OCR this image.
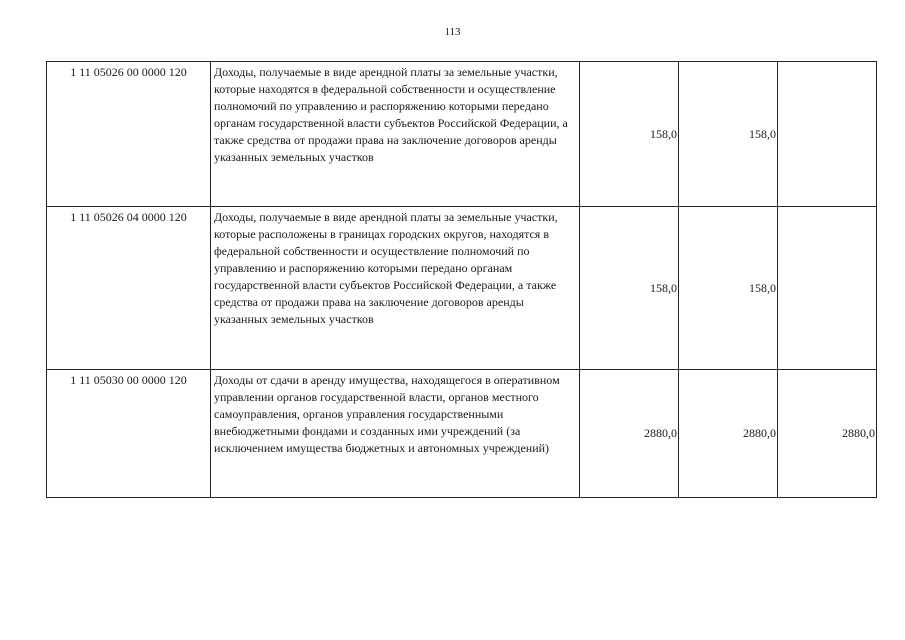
113
1 11 05026 00 0000 120	Доходы, получаемые в виде арендной платы за земельные участки, которые находятся в федеральной собственности и осуществление полномочий по управлению и распоряжению которыми передано органам государственной власти субъектов Российской Федерации, а также средства от продажи права на заключение договоров аренды указанных земельных участков	158,0	158,0	
1 11 05026 04 0000 120	Доходы, получаемые в виде арендной платы за земельные участки, которые расположены в границах городских округов, находятся в федеральной собственности и осуществление полномочий по управлению и распоряжению которыми передано органам государственной власти субъектов Российской Федерации, а также средства от продажи права на заключение договоров аренды указанных земельных участков	158,0	158,0	
1 11 05030 00 0000 120	Доходы от сдачи в аренду имущества, находящегося в оперативном управлении органов государственной власти, органов местного самоуправления, органов управления государственными внебюджетными фондами и созданных ими учреждений (за исключением имущества бюджетных и автономных учреждений)	2880,0	2880,0	2880,0
